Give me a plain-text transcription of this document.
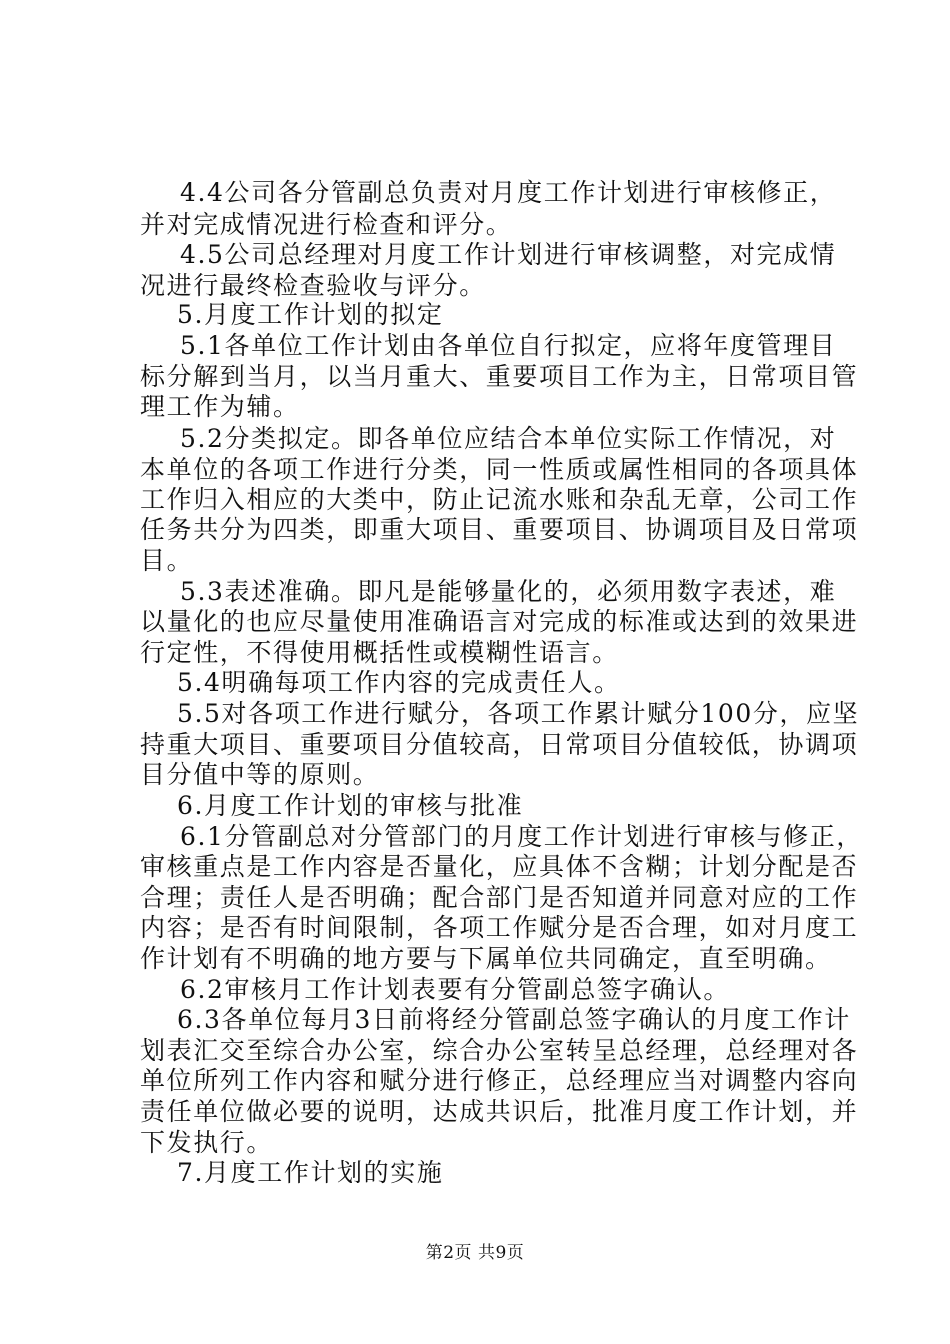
4.4公司各分管副总负责对月度工作计划进行审核修正，
并对完成情况进行检查和评分。
4.5公司总经理对月度工作计划进行审核调整，对完成情
况进行最终检查验收与评分。
5.月度工作计划的拟定
5.1各单位工作计划由各单位自行拟定，应将年度管理目
标分解到当月，以当月重大、重要项目工作为主，日常项目管
理工作为辅。
5.2分类拟定。即各单位应结合本单位实际工作情况，对
本单位的各项工作进行分类，同一性质或属性相同的各项具体
工作归入相应的大类中，防止记流水账和杂乱无章，公司工作
任务共分为四类，即重大项目、重要项目、协调项目及日常项
目。
5.3表述准确。即凡是能够量化的，必须用数字表述，难
以量化的也应尽量使用准确语言对完成的标准或达到的效果进
行定性，不得使用概括性或模糊性语言。
5.4明确每项工作内容的完成责任人。
5.5对各项工作进行赋分，各项工作累计赋分100分，应坚
持重大项目、重要项目分值较高，日常项目分值较低，协调项
目分值中等的原则。
6.月度工作计划的审核与批准
6.1分管副总对分管部门的月度工作计划进行审核与修正，
审核重点是工作内容是否量化，应具体不含糊；计划分配是否
合理；责任人是否明确；配合部门是否知道并同意对应的工作
内容；是否有时间限制，各项工作赋分是否合理，如对月度工
作计划有不明确的地方要与下属单位共同确定，直至明确。
6.2审核月工作计划表要有分管副总签字确认。
6.3各单位每月3日前将经分管副总签字确认的月度工作计
划表汇交至综合办公室，综合办公室转呈总经理，总经理对各
单位所列工作内容和赋分进行修正，总经理应当对调整内容向
责任单位做必要的说明，达成共识后，批准月度工作计划，并
下发执行。
7.月度工作计划的实施
第2页 共9页
